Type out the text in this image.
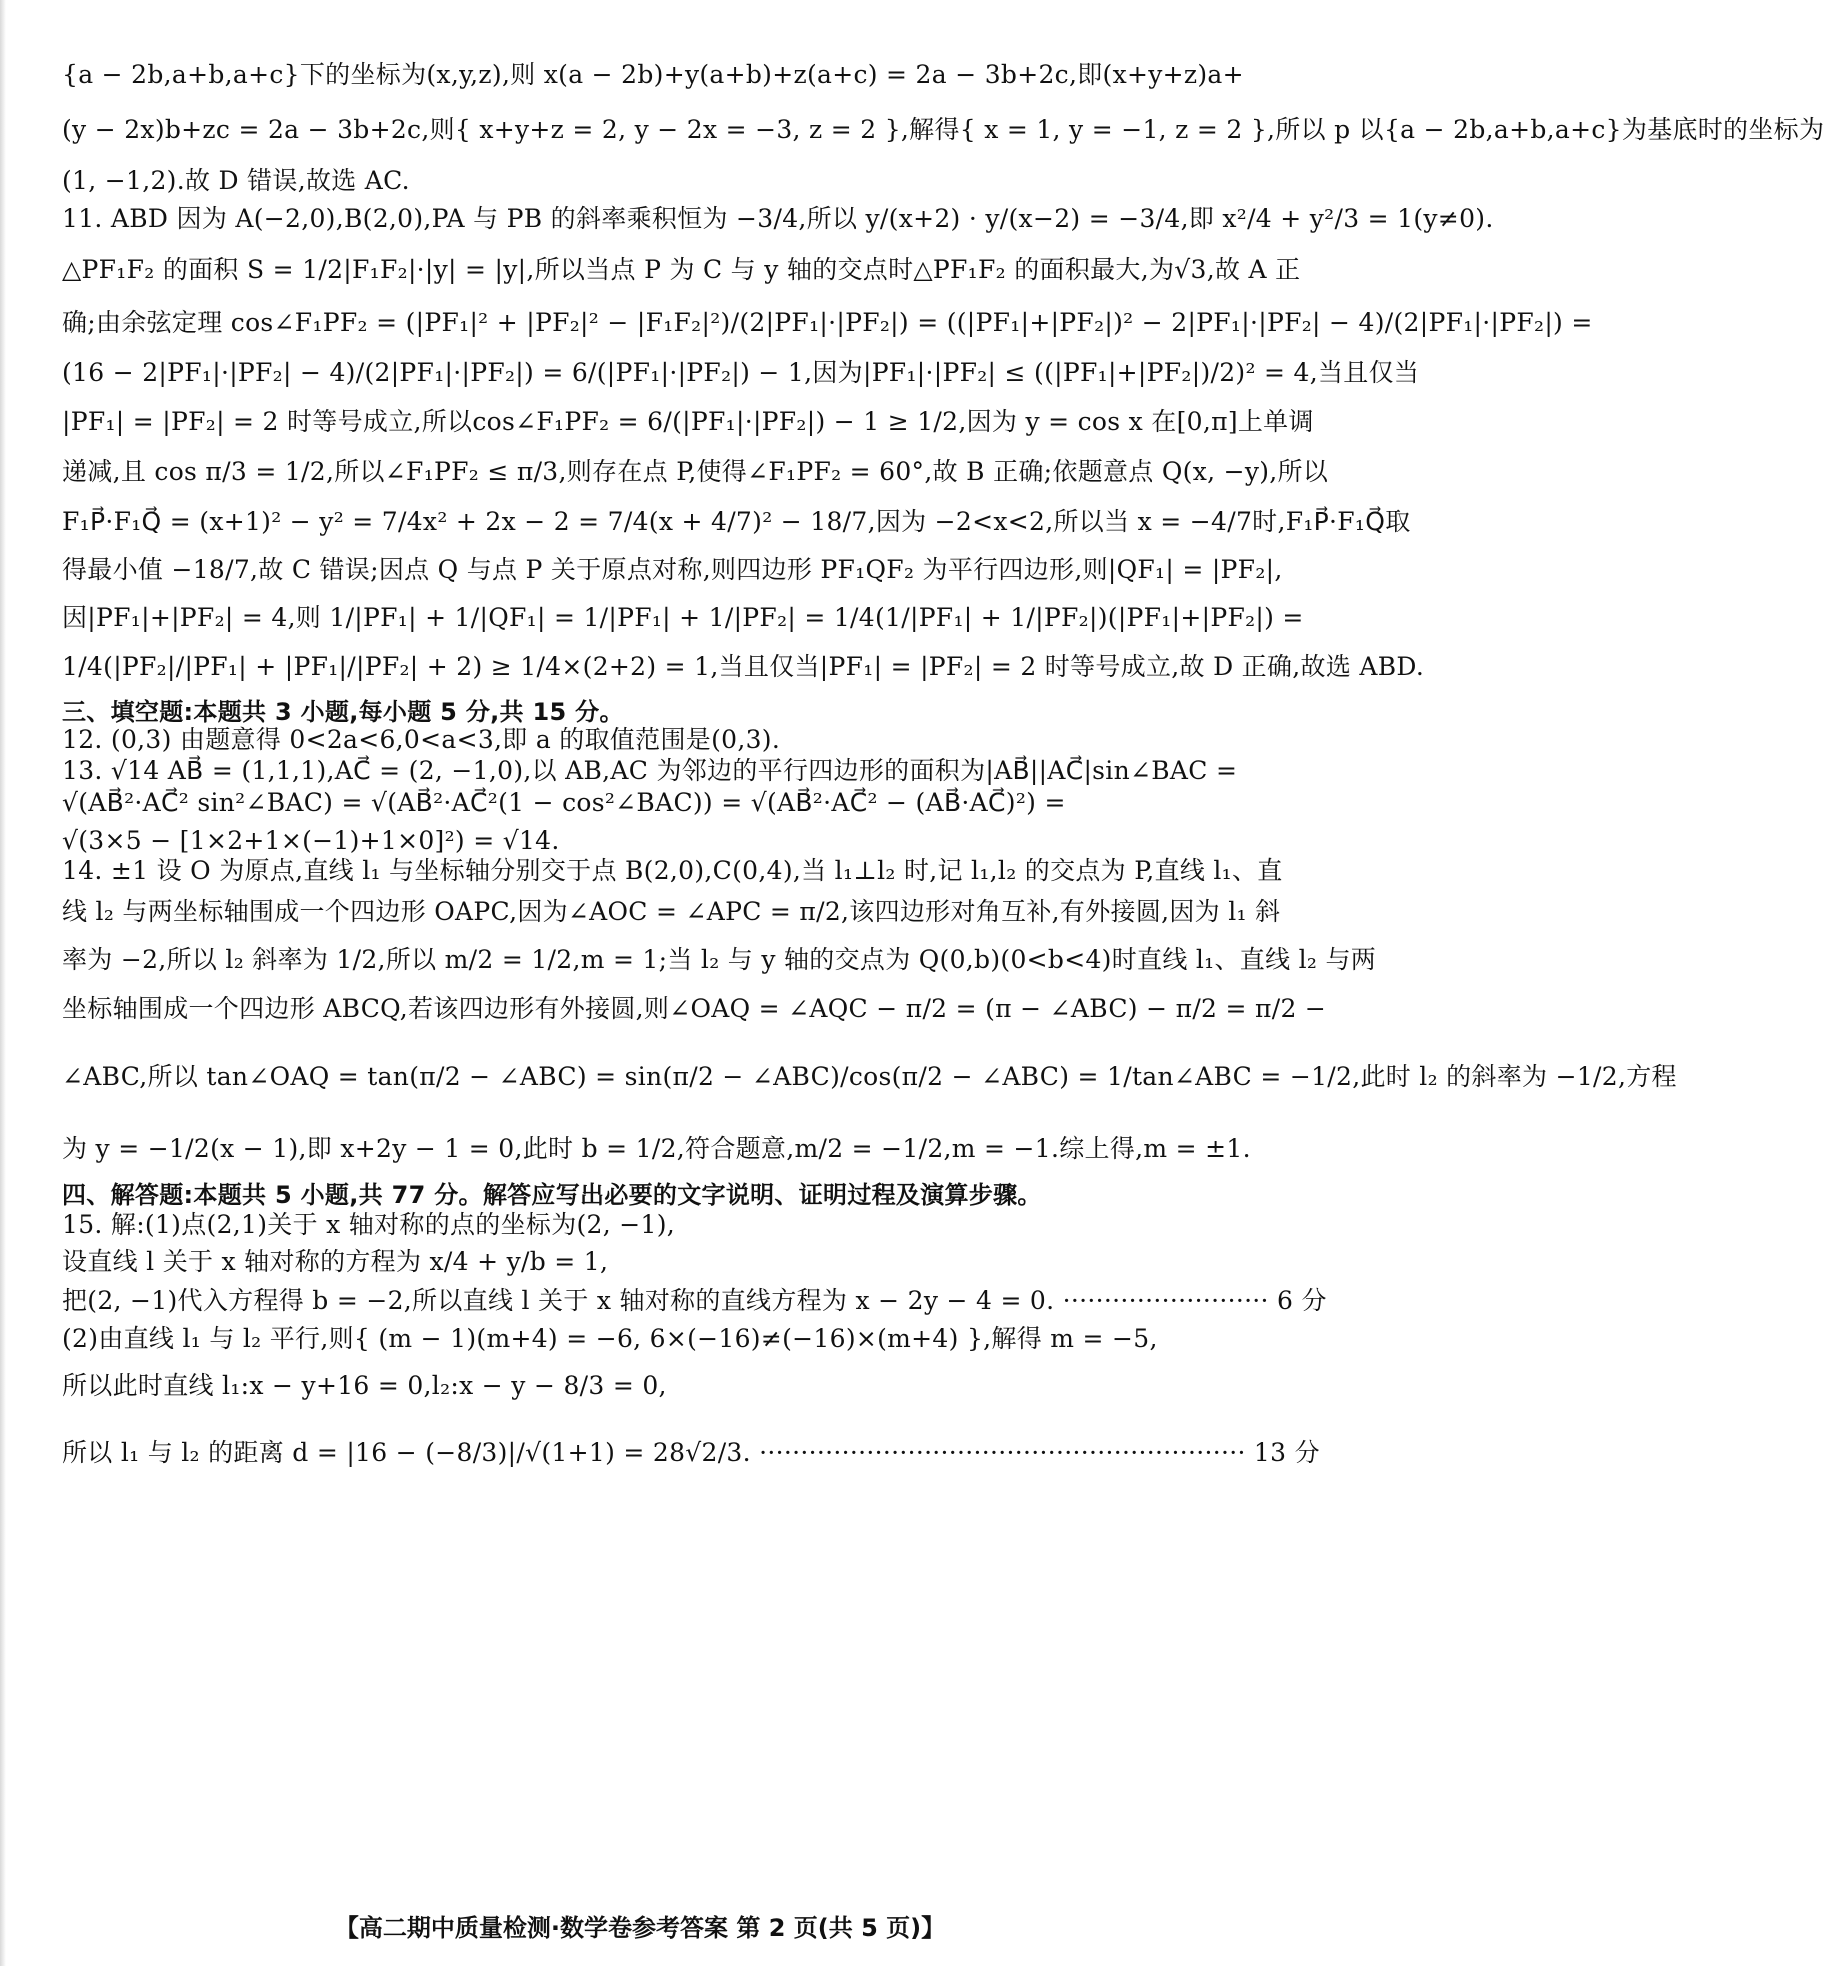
{a − 2b,a+b,a+c}下的坐标为(x,y,z),则 x(a − 2b)+y(a+b)+z(a+c) = 2a − 3b+2c,即(x+y+z)a+
(y − 2x)b+zc = 2a − 3b+2c,则{ x+y+z = 2, y − 2x = −3, z = 2 },解得{ x = 1, y = −1, z = 2 },所以 p 以{a − 2b,a+b,a+c}为基底时的坐标为
(1, −1,2).故 D 错误,故选 AC.
11. ABD 因为 A(−2,0),B(2,0),PA 与 PB 的斜率乘积恒为 −3/4,所以 y/(x+2) · y/(x−2) = −3/4,即 x²/4 + y²/3 = 1(y≠0).
△PF₁F₂ 的面积 S = 1/2|F₁F₂|·|y| = |y|,所以当点 P 为 C 与 y 轴的交点时△PF₁F₂ 的面积最大,为√3,故 A 正
确;由余弦定理 cos∠F₁PF₂ = (|PF₁|² + |PF₂|² − |F₁F₂|²)/(2|PF₁|·|PF₂|) = ((|PF₁|+|PF₂|)² − 2|PF₁|·|PF₂| − 4)/(2|PF₁|·|PF₂|) =
(16 − 2|PF₁|·|PF₂| − 4)/(2|PF₁|·|PF₂|) = 6/(|PF₁|·|PF₂|) − 1,因为|PF₁|·|PF₂| ≤ ((|PF₁|+|PF₂|)/2)² = 4,当且仅当
|PF₁| = |PF₂| = 2 时等号成立,所以cos∠F₁PF₂ = 6/(|PF₁|·|PF₂|) − 1 ≥ 1/2,因为 y = cos x 在[0,π]上单调
递减,且 cos π/3 = 1/2,所以∠F₁PF₂ ≤ π/3,则存在点 P,使得∠F₁PF₂ = 60°,故 B 正确;依题意点 Q(x, −y),所以
F₁P⃗·F₁Q⃗ = (x+1)² − y² = 7/4x² + 2x − 2 = 7/4(x + 4/7)² − 18/7,因为 −2<x<2,所以当 x = −4/7时,F₁P⃗·F₁Q⃗取
得最小值 −18/7,故 C 错误;因点 Q 与点 P 关于原点对称,则四边形 PF₁QF₂ 为平行四边形,则|QF₁| = |PF₂|,
因|PF₁|+|PF₂| = 4,则 1/|PF₁| + 1/|QF₁| = 1/|PF₁| + 1/|PF₂| = 1/4(1/|PF₁| + 1/|PF₂|)(|PF₁|+|PF₂|) =
1/4(|PF₂|/|PF₁| + |PF₁|/|PF₂| + 2) ≥ 1/4×(2+2) = 1,当且仅当|PF₁| = |PF₂| = 2 时等号成立,故 D 正确,故选 ABD.
三、填空题:本题共 3 小题,每小题 5 分,共 15 分。
12. (0,3) 由题意得 0<2a<6,0<a<3,即 a 的取值范围是(0,3).
13. √14 AB⃗ = (1,1,1),AC⃗ = (2, −1,0),以 AB,AC 为邻边的平行四边形的面积为|AB⃗||AC⃗|sin∠BAC =
√(AB⃗²·AC⃗² sin²∠BAC) = √(AB⃗²·AC⃗²(1 − cos²∠BAC)) = √(AB⃗²·AC⃗² − (AB⃗·AC⃗)²) =
√(3×5 − [1×2+1×(−1)+1×0]²) = √14.
14. ±1 设 O 为原点,直线 l₁ 与坐标轴分别交于点 B(2,0),C(0,4),当 l₁⊥l₂ 时,记 l₁,l₂ 的交点为 P,直线 l₁、直
线 l₂ 与两坐标轴围成一个四边形 OAPC,因为∠AOC = ∠APC = π/2,该四边形对角互补,有外接圆,因为 l₁ 斜
率为 −2,所以 l₂ 斜率为 1/2,所以 m/2 = 1/2,m = 1;当 l₂ 与 y 轴的交点为 Q(0,b)(0<b<4)时直线 l₁、直线 l₂ 与两
坐标轴围成一个四边形 ABCQ,若该四边形有外接圆,则∠OAQ = ∠AQC − π/2 = (π − ∠ABC) − π/2 = π/2 −
∠ABC,所以 tan∠OAQ = tan(π/2 − ∠ABC) = sin(π/2 − ∠ABC)/cos(π/2 − ∠ABC) = 1/tan∠ABC = −1/2,此时 l₂ 的斜率为 −1/2,方程
为 y = −1/2(x − 1),即 x+2y − 1 = 0,此时 b = 1/2,符合题意,m/2 = −1/2,m = −1.综上得,m = ±1.
四、解答题:本题共 5 小题,共 77 分。解答应写出必要的文字说明、证明过程及演算步骤。
15. 解:(1)点(2,1)关于 x 轴对称的点的坐标为(2, −1),
设直线 l 关于 x 轴对称的方程为 x/4 + y/b = 1,
把(2, −1)代入方程得 b = −2,所以直线 l 关于 x 轴对称的直线方程为 x − 2y − 4 = 0. ························· 6 分
(2)由直线 l₁ 与 l₂ 平行,则{ (m − 1)(m+4) = −6, 6×(−16)≠(−16)×(m+4) },解得 m = −5,
所以此时直线 l₁:x − y+16 = 0,l₂:x − y − 8/3 = 0,
所以 l₁ 与 l₂ 的距离 d = |16 − (−8/3)|/√(1+1) = 28√2/3. ··························································· 13 分
【高二期中质量检测·数学卷参考答案 第 2 页(共 5 页)】
